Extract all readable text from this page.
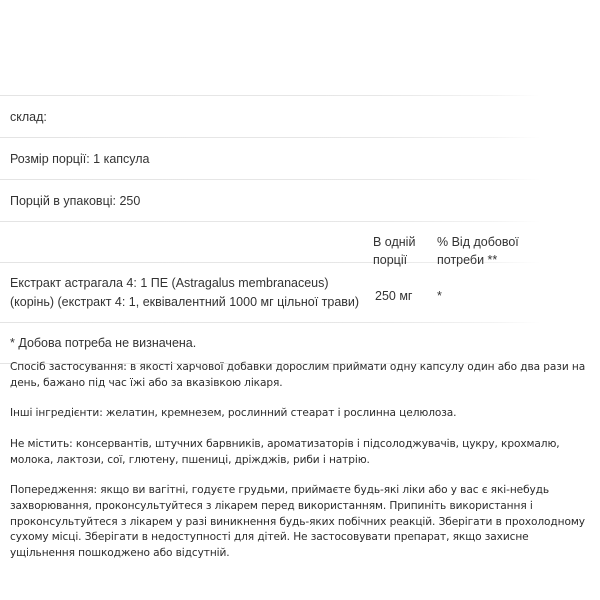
склад:
Розмір порції: 1 капсула
Порцій в упаковці: 250
В одній порції
% Від добової потреби **
Екстракт астрагала 4: 1 ПЕ (Astragalus membranaceus) (корінь) (екстракт 4: 1, еквівалентний 1000 мг цільної трави)	250 мг *
* Добова потреба не визначена.

Спосіб застосування: в якості харчової добавки дорослим приймати одну капсулу один або два рази на день, бажано під час їжі або за вказівкою лікаря.

Інші інгредієнти: желатин, кремнезем, рослинний стеарат і рослинна целюлоза.

Не містить: консервантів, штучних барвників, ароматизаторів і підсолоджувачів, цукру, крохмалю, молока, лактози, сої, глютену, пшениці, дріжджів, риби і натрію.

Попередження: якщо ви вагітні, годуєте грудьми, приймаєте будь-які ліки або у вас є які-небудь захворювання, проконсультуйтеся з лікарем перед використанням. Припиніть використання і проконсультуйтеся з лікарем у разі виникнення будь-яких побічних реакцій. Зберігати в прохолодному сухому місці. Зберігати в недоступності для дітей. Не застосовувати препарат, якщо захисне ущільнення пошкоджено або відсутній.
